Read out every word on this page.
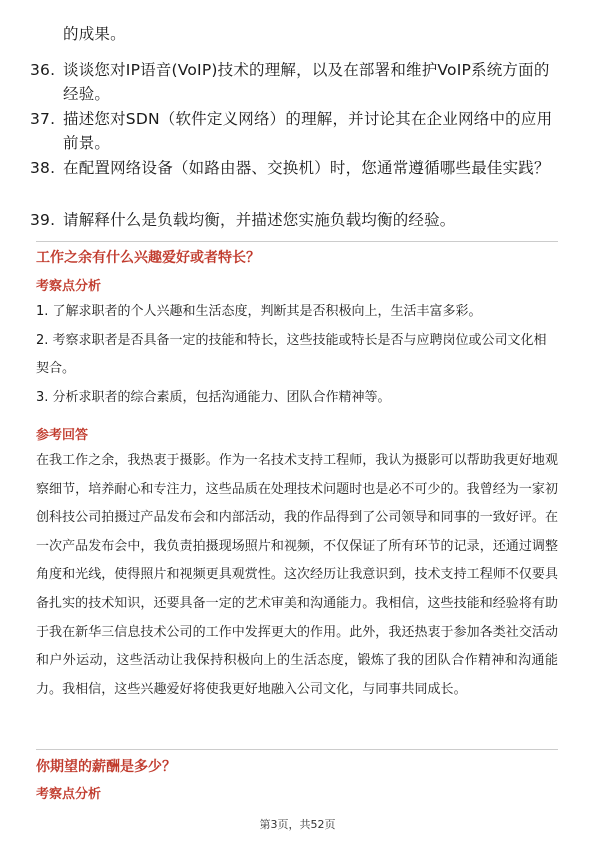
的成果。
36. 谈谈您对IP语音(VoIP)技术的理解，以及在部署和维护VoIP系统方面的经验。
37. 描述您对SDN（软件定义网络）的理解，并讨论其在企业网络中的应用前景。
38. 在配置网络设备（如路由器、交换机）时，您通常遵循哪些最佳实践？
39. 请解释什么是负载均衡，并描述您实施负载均衡的经验。
工作之余有什么兴趣爱好或者特长？
考察点分析
1. 了解求职者的个人兴趣和生活态度，判断其是否积极向上，生活丰富多彩。
2. 考察求职者是否具备一定的技能和特长，这些技能或特长是否与应聘岗位或公司文化相契合。
3. 分析求职者的综合素质，包括沟通能力、团队合作精神等。
参考回答
在我工作之余，我热衷于摄影。作为一名技术支持工程师，我认为摄影可以帮助我更好地观察细节，培养耐心和专注力，这些品质在处理技术问题时也是必不可少的。我曾经为一家初创科技公司拍摄过产品发布会和内部活动，我的作品得到了公司领导和同事的一致好评。在一次产品发布会中，我负责拍摄现场照片和视频，不仅保证了所有环节的记录，还通过调整角度和光线，使得照片和视频更具观赏性。这次经历让我意识到，技术支持工程师不仅要具备扎实的技术知识，还要具备一定的艺术审美和沟通能力。我相信，这些技能和经验将有助于我在新华三信息技术公司的工作中发挥更大的作用。此外，我还热衷于参加各类社交活动和户外运动，这些活动让我保持积极向上的生活态度，锻炼了我的团队合作精神和沟通能力。我相信，这些兴趣爱好将使我更好地融入公司文化，与同事共同成长。
你期望的薪酬是多少？
考察点分析
第3页，共52页
